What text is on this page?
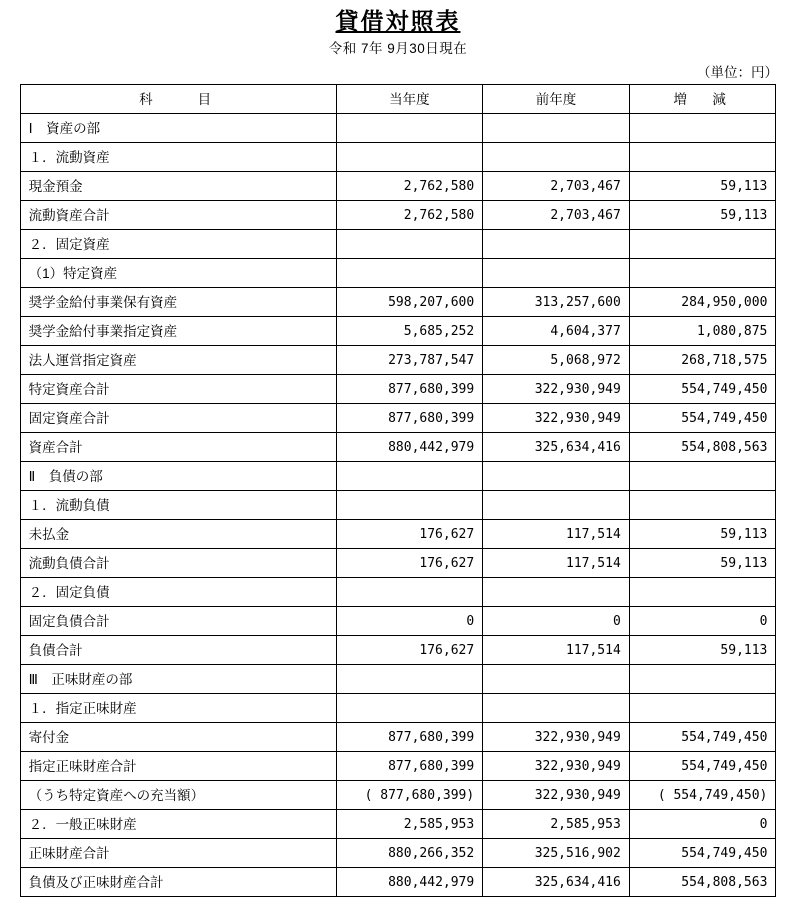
貸借対照表
令和 7年 9月30日現在
（単位：円）
科　　目	当年度	前年度	増　減
Ⅰ　資産の部			
１．流動資産			
現金預金	2,762,580	2,703,467	59,113
流動資産合計	2,762,580	2,703,467	59,113
２．固定資産			
（1）特定資産			
奨学金給付事業保有資産	598,207,600	313,257,600	284,950,000
奨学金給付事業指定資産	5,685,252	4,604,377	1,080,875
法人運営指定資産	273,787,547	5,068,972	268,718,575
特定資産合計	877,680,399	322,930,949	554,749,450
固定資産合計	877,680,399	322,930,949	554,749,450
資産合計	880,442,979	325,634,416	554,808,563
Ⅱ　負債の部			
１．流動負債			
未払金	176,627	117,514	59,113
流動負債合計	176,627	117,514	59,113
２．固定負債			
固定負債合計	0	0	0
負債合計	176,627	117,514	59,113
Ⅲ　正味財産の部			
１．指定正味財産			
寄付金	877,680,399	322,930,949	554,749,450
指定正味財産合計	877,680,399	322,930,949	554,749,450
（うち特定資産への充当額）	( 877,680,399)	322,930,949	( 554,749,450)
２．一般正味財産	2,585,953	2,585,953	0
正味財産合計	880,266,352	325,516,902	554,749,450
負債及び正味財産合計	880,442,979	325,634,416	554,808,563
